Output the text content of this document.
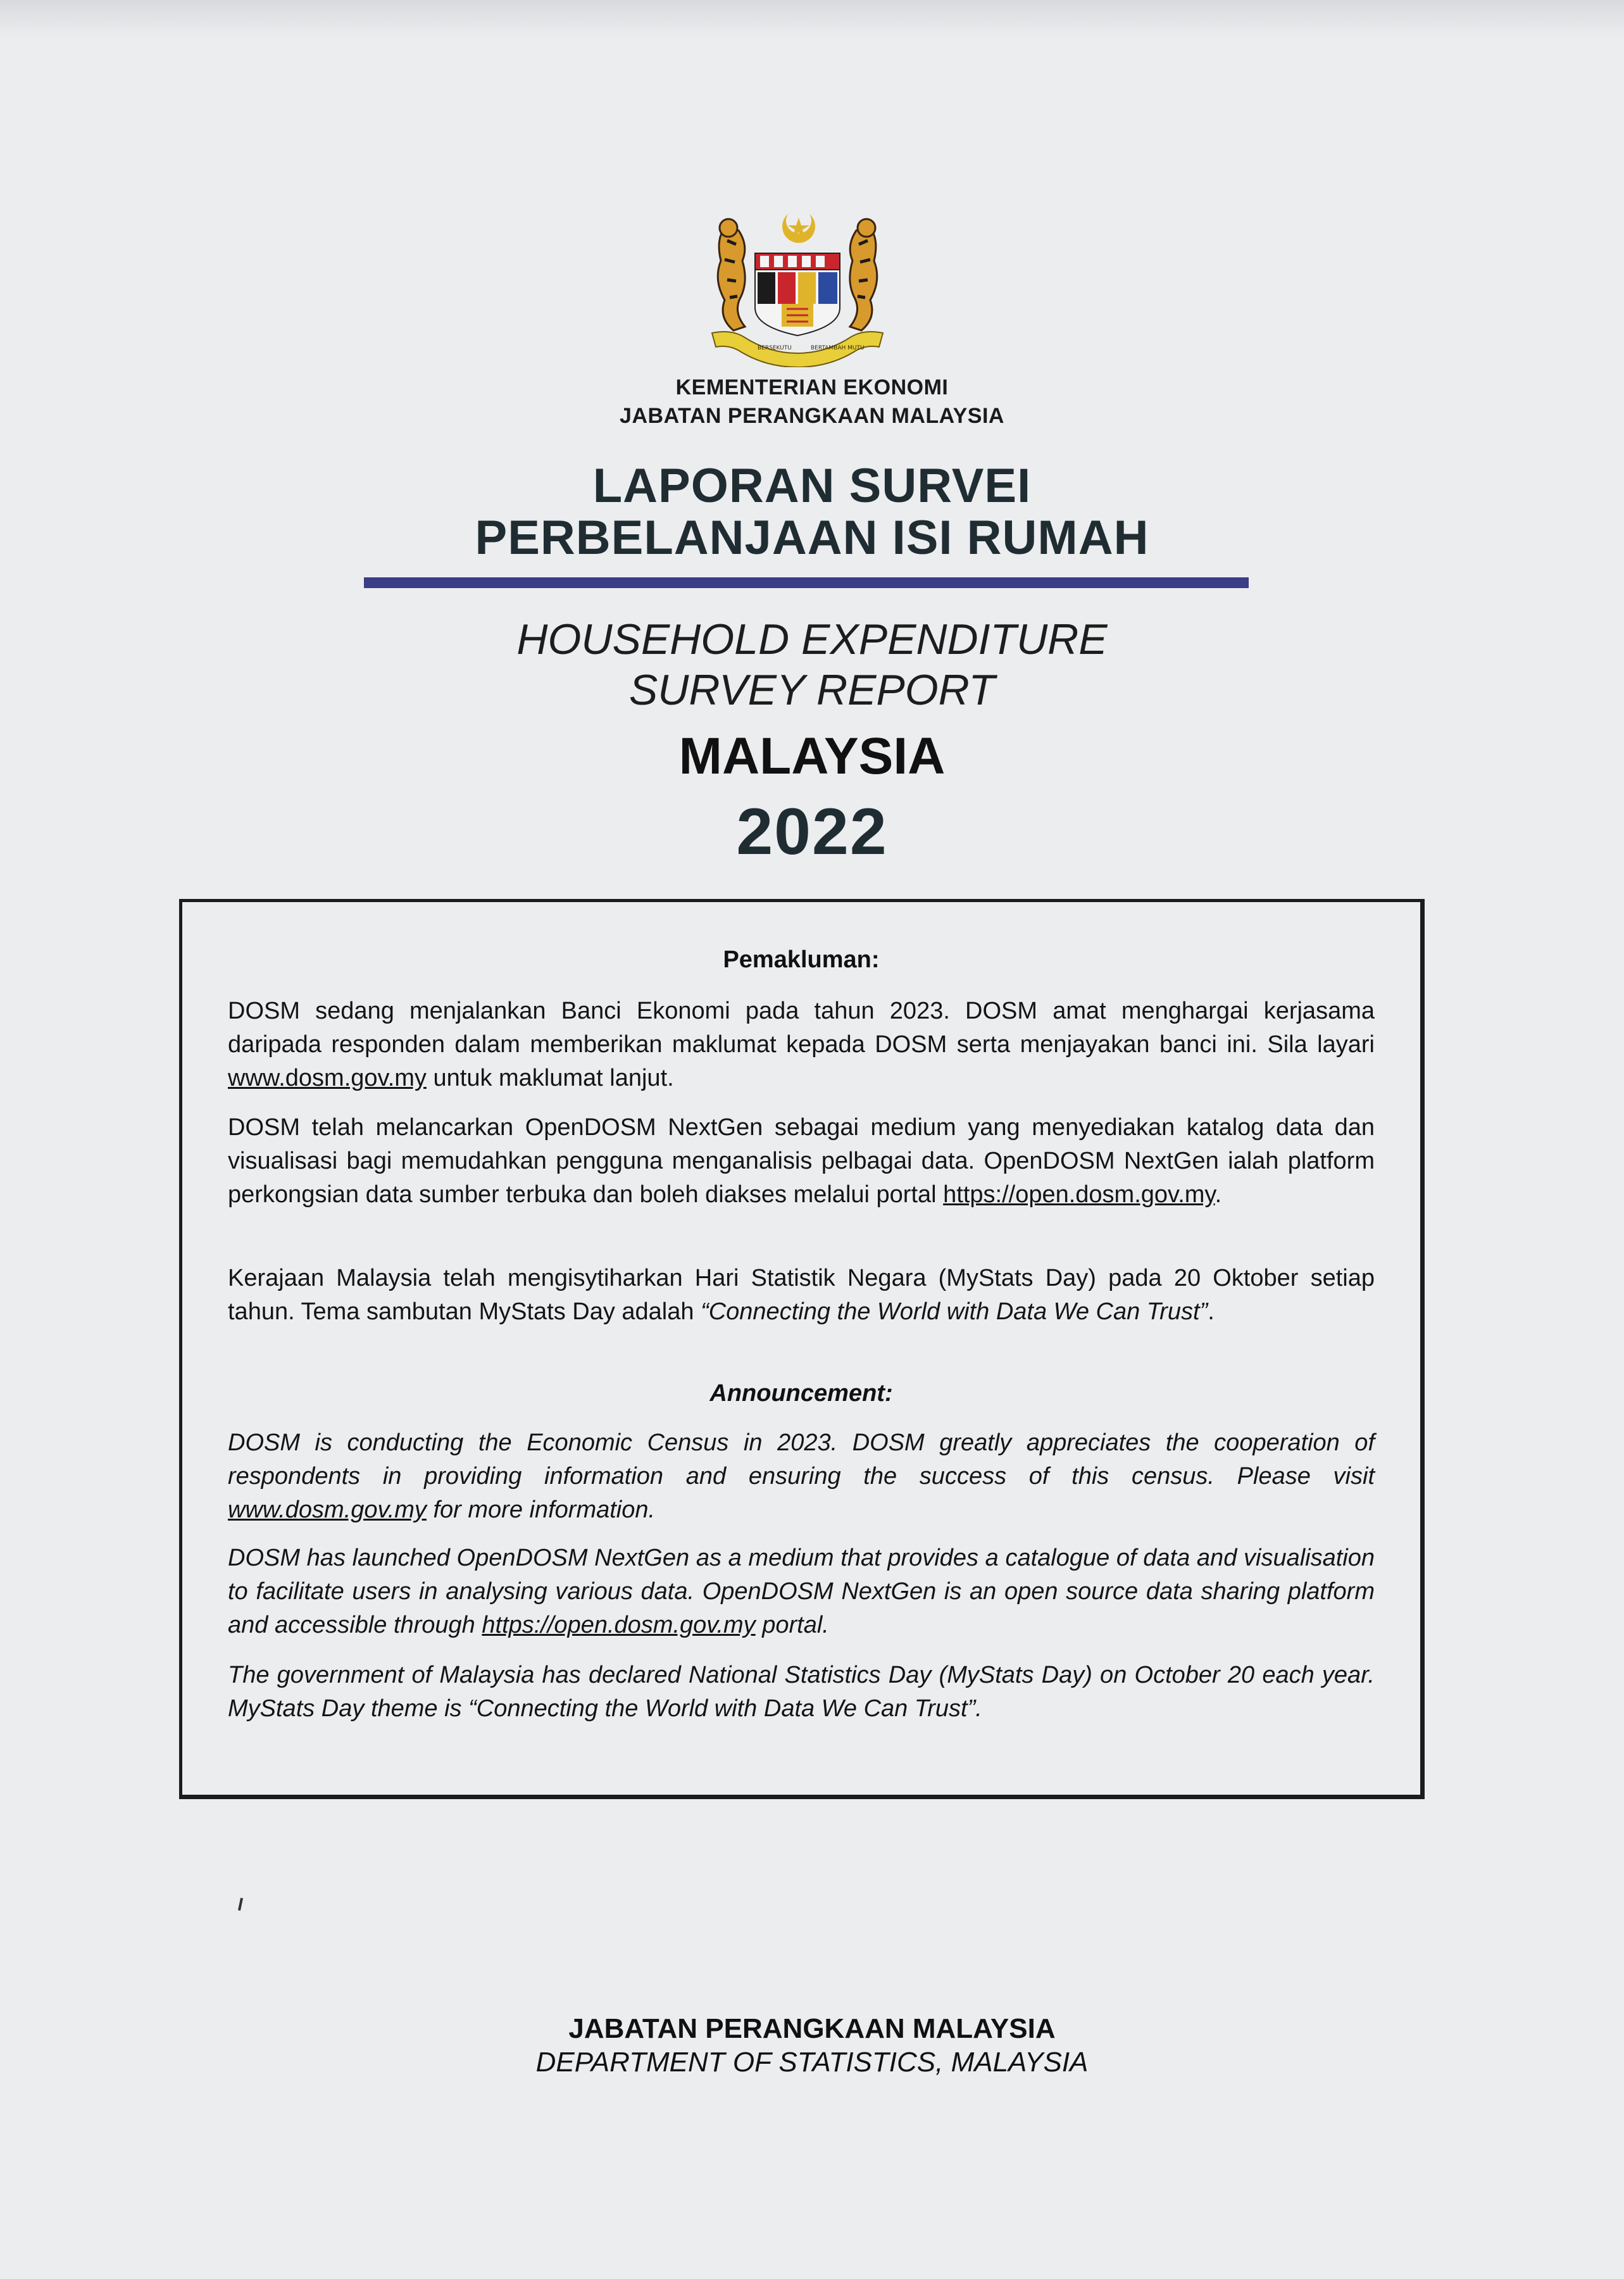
BERSEKUTU	BERTAMBAH MUTU
KEMENTERIAN EKONOMI
JABATAN PERANGKAAN MALAYSIA
LAPORAN SURVEI
PERBELANJAAN ISI RUMAH
HOUSEHOLD EXPENDITURE
SURVEY REPORT
MALAYSIA
2022
Pemakluman:
DOSM sedang menjalankan Banci Ekonomi pada tahun 2023. DOSM amat menghargai kerjasama daripada responden dalam memberikan maklumat kepada DOSM serta menjayakan banci ini. Sila layari www.dosm.gov.my untuk maklumat lanjut.
DOSM telah melancarkan OpenDOSM NextGen sebagai medium yang menyediakan katalog data dan visualisasi bagi memudahkan pengguna menganalisis pelbagai data. OpenDOSM NextGen ialah platform perkongsian data sumber terbuka dan boleh diakses melalui portal https://open.dosm.gov.my.
Kerajaan Malaysia telah mengisytiharkan Hari Statistik Negara (MyStats Day) pada 20 Oktober setiap tahun. Tema sambutan MyStats Day adalah “Connecting the World with Data We Can Trust”.
Announcement:
DOSM is conducting the Economic Census in 2023. DOSM greatly appreciates the cooperation of respondents in providing information and ensuring the success of this census. Please visit www.dosm.gov.my for more information.
DOSM has launched OpenDOSM NextGen as a medium that provides a catalogue of data and visualisation to facilitate users in analysing various data. OpenDOSM NextGen is an open source data sharing platform and accessible through https://open.dosm.gov.my portal.
The government of Malaysia has declared National Statistics Day (MyStats Day) on October 20 each year. MyStats Day theme is “Connecting the World with Data We Can Trust”.
JABATAN PERANGKAAN MALAYSIA
DEPARTMENT OF STATISTICS, MALAYSIA
